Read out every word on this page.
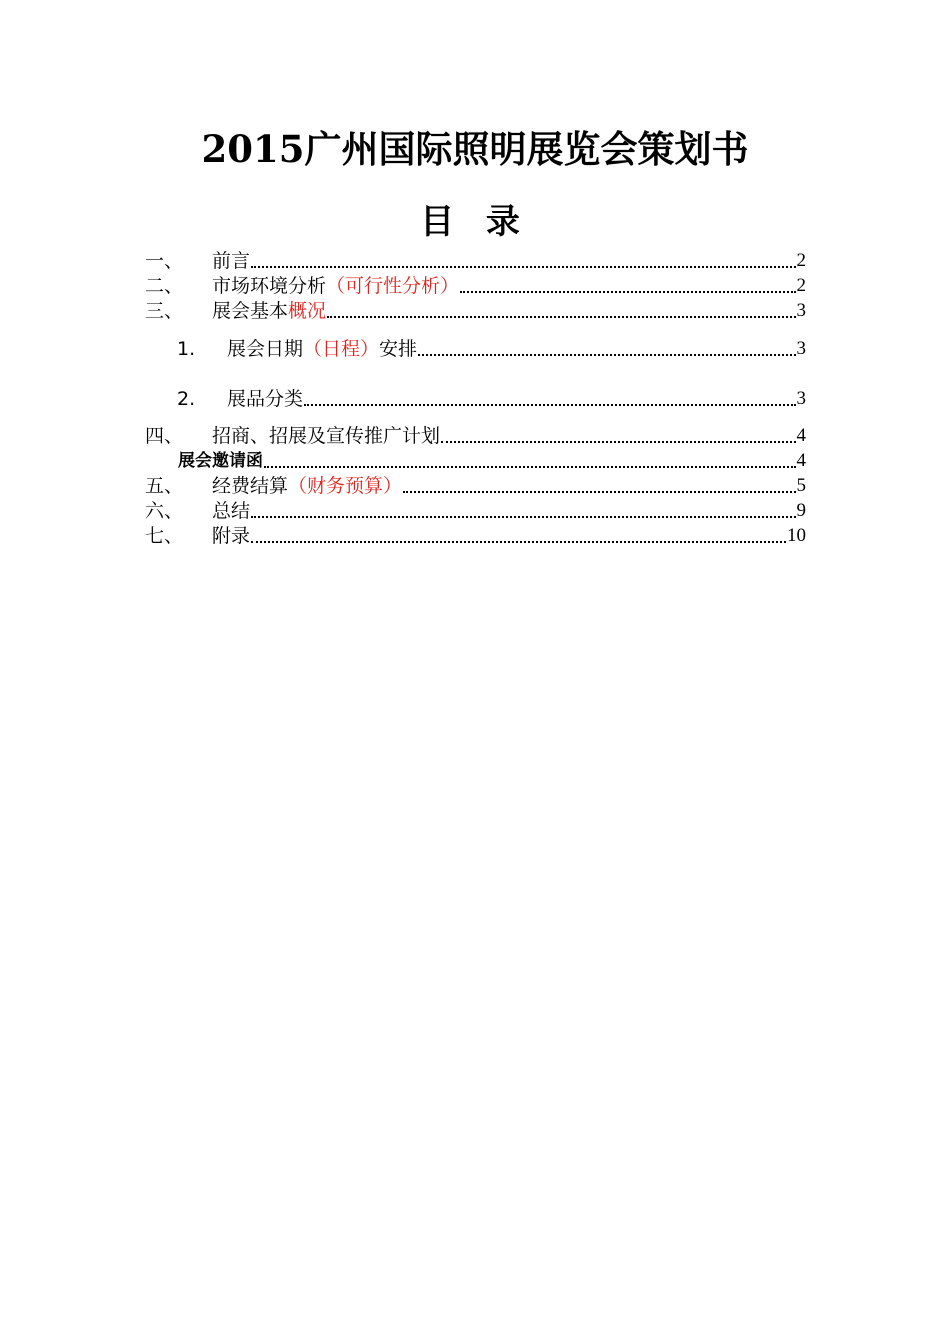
2015广州国际照明展览会策划书
目 录
一、	前言	2
二、	市场环境分析 （可行性分析）	2
三、	展会基本 概况	3
1.	展会日期 （日程） 安排	3
2.	展品分类	3
四、	招商、招展及宣传推广计划	4
展会邀请函	4
五、	经费结算 （财务预算）	5
六、	总结	9
七、	附录	10
